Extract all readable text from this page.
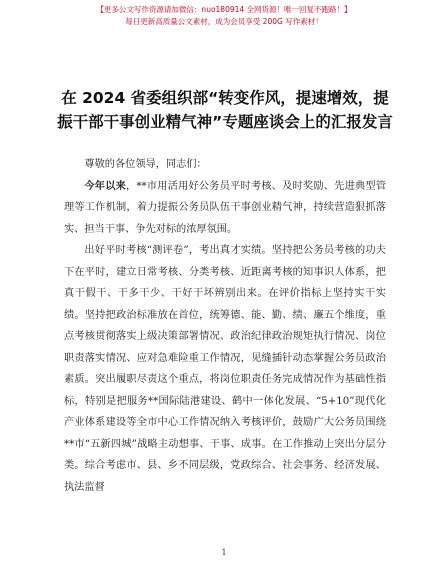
【更多公文写作资源请加微信：nuo180914 全网货源！唯一回复不跑路！】
每日更新高质量公文素材，成为会员享受 200G 写作素材！
在 2024 省委组织部“转变作风，提速增效，提振干部干事创业精气神”专题座谈会上的汇报发言

尊敬的各位领导，同志们：

今年以来，**市用活用好公务员平时考核、及时奖励、先进典型管理等工作机制，着力提振公务员队伍干事创业精气神，持续营造狠抓落实、担当干事、争先对标的浓厚氛围。

出好平时考核“测评卷”，考出真才实绩。坚持把公务员考核的功夫下在平时，建立日常考核、分类考核、近距离考核的知事识人体系，把真干假干、干多干少、干好干坏辨别出来。在评价指标上坚持实干实绩。坚持把政治标准放在首位，统筹德、能、勤、绩、廉五个维度，重点考核贯彻落实上级决策部署情况、政治纪律政治规矩执行情况、岗位职责落实情况、应对急难险重工作情况，见缝插针动态掌握公务员政治素质。突出履职尽责这个重点，将岗位职责任务完成情况作为基础性指标，特别是把服务**国际陆港建设、鹤中一体化发展、“5+10”现代化产业体系建设等全市中心工作情况纳入考核评价，鼓励广大公务员围绕**市“五新四城”战略主动想事、干事、成事。在工作推动上突出分层分类。综合考虑市、县、乡不同层级，党政综合、社会事务、经济发展、执法监督

1
